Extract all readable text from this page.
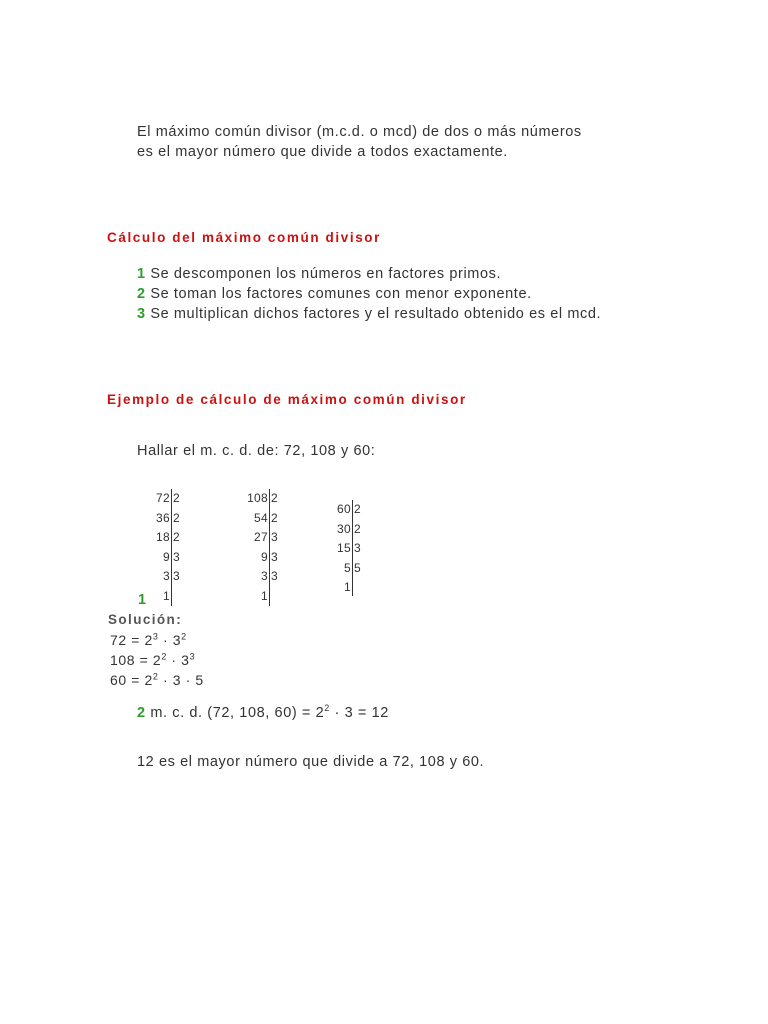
El máximo común divisor (m.c.d. o mcd) de dos o más números
es el mayor número que divide a todos exactamente.
Cálculo del máximo común divisor
1 Se descomponen los números en factores primos.
2 Se toman los factores comunes con menor exponente.
3 Se multiplican dichos factores y el resultado obtenido es el mcd.
Ejemplo de cálculo de máximo común divisor
Hallar el m. c. d. de: 72, 108 y 60:
72 2
36 2
18 2
9 3
3 3
1
108 2
54 2
27 3
9 3
3 3
1
60 2
30 2
15 3
5 5
1
1
Solución:
$72 = 2^3 \cdot 3^2$
$108 = 2^2 \cdot 3^3$
$60 = 2^2 \cdot 3 \cdot 5$
2 m. c. d. (72, 108, $60) = 2^2 \cdot 3 = 12$
12 es el mayor número que divide a 72, 108 y 60.
